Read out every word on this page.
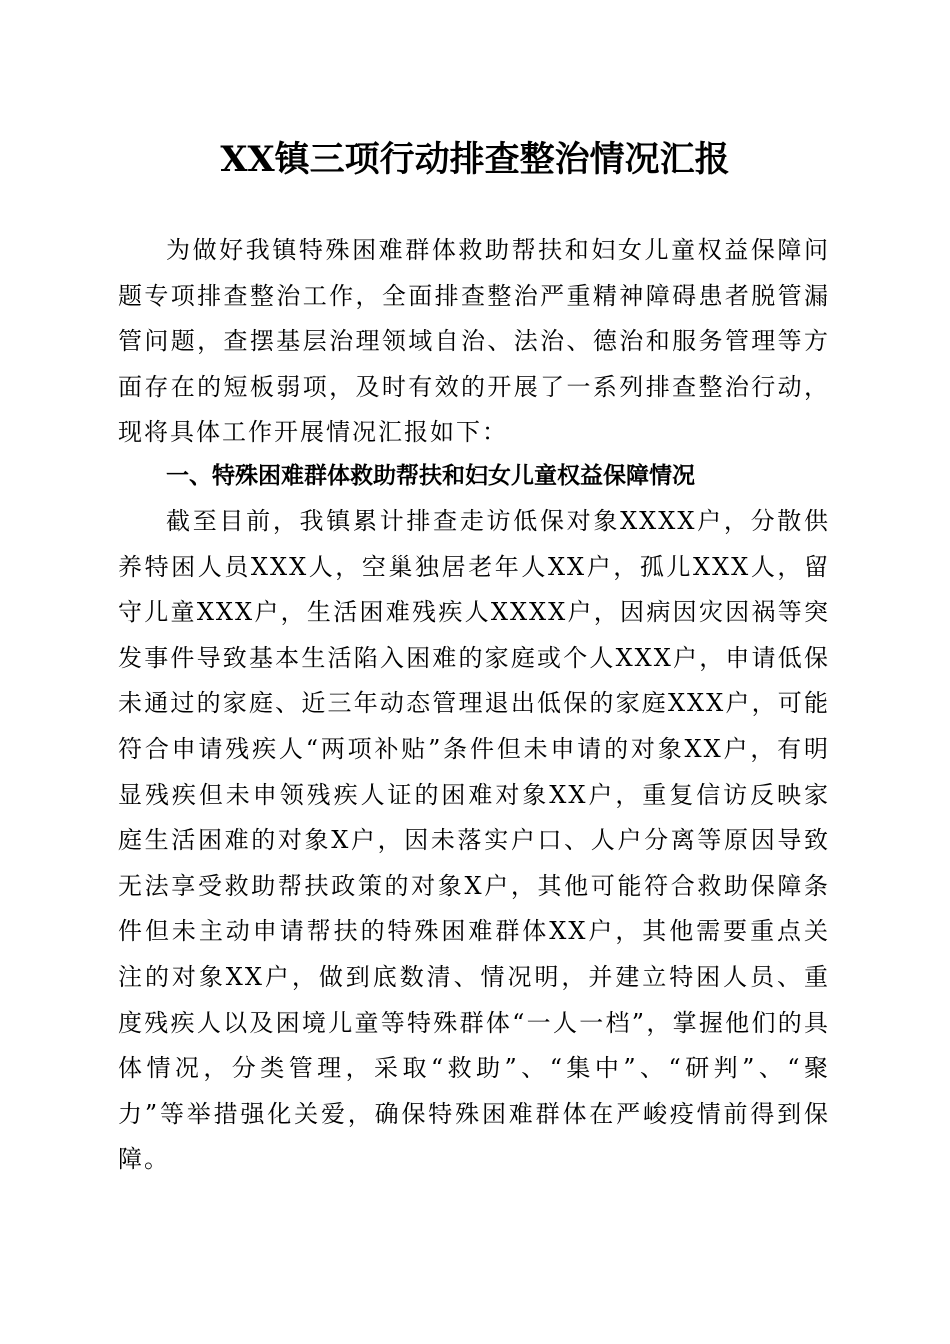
XX镇三项行动排查整治情况汇报

为做好我镇特殊困难群体救助帮扶和妇女儿童权益保障问题专项排查整治工作，全面排查整治严重精神障碍患者脱管漏管问题，查摆基层治理领域自治、法治、德治和服务管理等方面存在的短板弱项，及时有效的开展了一系列排查整治行动，现将具体工作开展情况汇报如下：

一、特殊困难群体救助帮扶和妇女儿童权益保障情况

截至目前，我镇累计排查走访低保对象XXXX户，分散供养特困人员XXX人，空巢独居老年人XX户，孤儿XXX人，留守儿童XXX户，生活困难残疾人XXXX户，因病因灾因祸等突发事件导致基本生活陷入困难的家庭或个人XXX户，申请低保未通过的家庭、近三年动态管理退出低保的家庭XXX户，可能符合申请残疾人“两项补贴”条件但未申请的对象XX户，有明显残疾但未申领残疾人证的困难对象XX户，重复信访反映家庭生活困难的对象X户，因未落实户口、人户分离等原因导致无法享受救助帮扶政策的对象X户，其他可能符合救助保障条件但未主动申请帮扶的特殊困难群体XX户，其他需要重点关注的对象XX户，做到底数清、情况明，并建立特困人员、重度残疾人以及困境儿童等特殊群体“一人一档”，掌握他们的具体情况，分类管理，采取“救助”、“集中”、“研判”、“聚力”等举措强化关爱，确保特殊困难群体在严峻疫情前得到保障。
